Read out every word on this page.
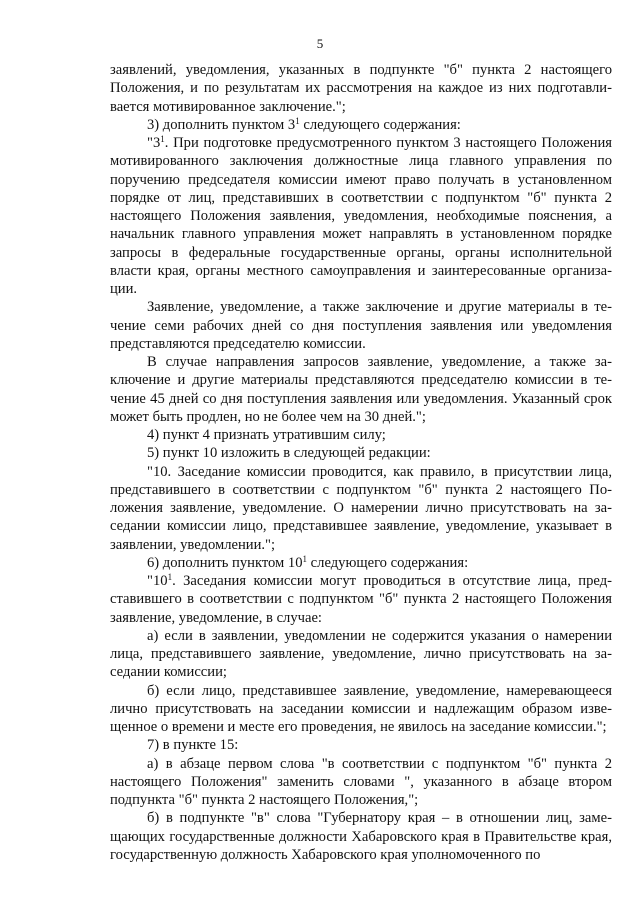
5

заявлений, уведомления, указанных в подпункте "б" пункта 2 настоящего Положения, и по результатам их рассмотрения на каждое из них подготавливается мотивированное заключение.";

3) дополнить пунктом $3^1$ следующего содержания:

"$3^1$. При подготовке предусмотренного пунктом 3 настоящего Положения мотивированного заключения должностные лица главного управления по поручению председателя комиссии имеют право получать в установленном порядке от лиц, представивших в соответствии с подпунктом "б" пункта 2 настоящего Положения заявления, уведомления, необходимые пояснения, а начальник главного управления может направлять в установленном порядке запросы в федеральные государственные органы, органы исполнительной власти края, органы местного самоуправления и заинтересованные организации.

Заявление, уведомление, а также заключение и другие материалы в течение семи рабочих дней со дня поступления заявления или уведомления представляются председателю комиссии.

В случае направления запросов заявление, уведомление, а также заключение и другие материалы представляются председателю комиссии в течение 45 дней со дня поступления заявления или уведомления. Указанный срок может быть продлен, но не более чем на 30 дней.";

4) пункт 4 признать утратившим силу;

5) пункт 10 изложить в следующей редакции:

"10. Заседание комиссии проводится, как правило, в присутствии лица, представившего в соответствии с подпунктом "б" пункта 2 настоящего Положения заявление, уведомление. О намерении лично присутствовать на заседании комиссии лицо, представившее заявление, уведомление, указывает в заявлении, уведомлении.";

6) дополнить пунктом $10^1$ следующего содержания:

"$10^1$. Заседания комиссии могут проводиться в отсутствие лица, представившего в соответствии с подпунктом "б" пункта 2 настоящего Положения заявление, уведомление, в случае:

а) если в заявлении, уведомлении не содержится указания о намерении лица, представившего заявление, уведомление, лично присутствовать на заседании комиссии;

б) если лицо, представившее заявление, уведомление, намеревающееся лично присутствовать на заседании комиссии и надлежащим образом извещенное о времени и месте его проведения, не явилось на заседание комиссии.";

7) в пункте 15:

а) в абзаце первом слова "в соответствии с подпунктом "б" пункта 2 настоящего Положения" заменить словами ", указанного в абзаце втором подпункта "б" пункта 2 настоящего Положения,";

б) в подпункте "в" слова "Губернатору края – в отношении лиц, замещающих государственные должности Хабаровского края в Правительстве края, государственную должность Хабаровского края уполномоченного по
